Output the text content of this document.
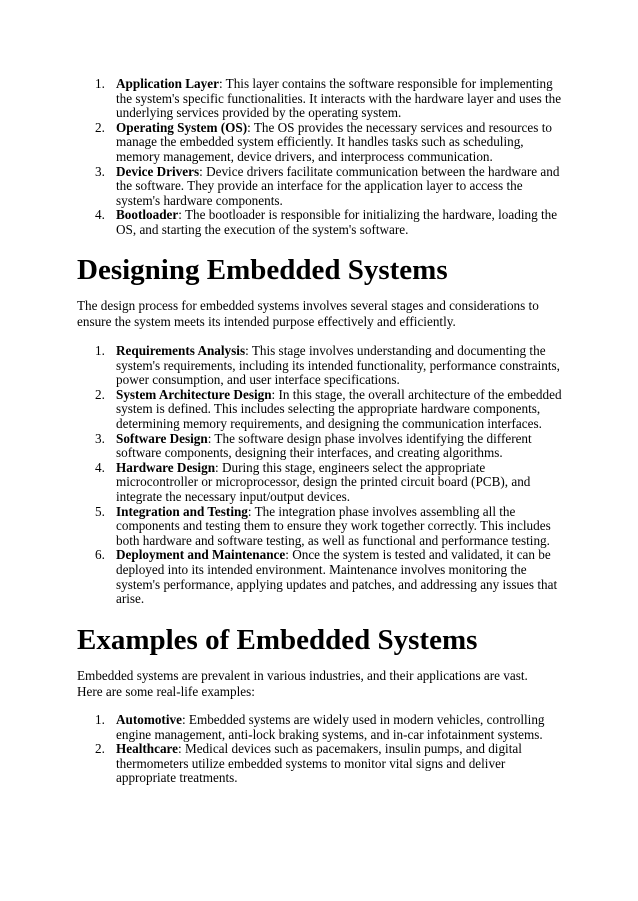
1. Application Layer: This layer contains the software responsible for implementing the system's specific functionalities. It interacts with the hardware layer and uses the underlying services provided by the operating system.
2. Operating System (OS): The OS provides the necessary services and resources to manage the embedded system efficiently. It handles tasks such as scheduling, memory management, device drivers, and interprocess communication.
3. Device Drivers: Device drivers facilitate communication between the hardware and the software. They provide an interface for the application layer to access the system's hardware components.
4. Bootloader: The bootloader is responsible for initializing the hardware, loading the OS, and starting the execution of the system's software.
Designing Embedded Systems

The design process for embedded systems involves several stages and considerations to ensure the system meets its intended purpose effectively and efficiently.

1. Requirements Analysis: This stage involves understanding and documenting the system's requirements, including its intended functionality, performance constraints, power consumption, and user interface specifications.
2. System Architecture Design: In this stage, the overall architecture of the embedded system is defined. This includes selecting the appropriate hardware components, determining memory requirements, and designing the communication interfaces.
3. Software Design: The software design phase involves identifying the different software components, designing their interfaces, and creating algorithms.
4. Hardware Design: During this stage, engineers select the appropriate microcontroller or microprocessor, design the printed circuit board (PCB), and integrate the necessary input/output devices.
5. Integration and Testing: The integration phase involves assembling all the components and testing them to ensure they work together correctly. This includes both hardware and software testing, as well as functional and performance testing.
6. Deployment and Maintenance: Once the system is tested and validated, it can be deployed into its intended environment. Maintenance involves monitoring the system's performance, applying updates and patches, and addressing any issues that arise.
Examples of Embedded Systems

Embedded systems are prevalent in various industries, and their applications are vast. Here are some real-life examples:

1. Automotive: Embedded systems are widely used in modern vehicles, controlling engine management, anti-lock braking systems, and in-car infotainment systems.
2. Healthcare: Medical devices such as pacemakers, insulin pumps, and digital thermometers utilize embedded systems to monitor vital signs and deliver appropriate treatments.
